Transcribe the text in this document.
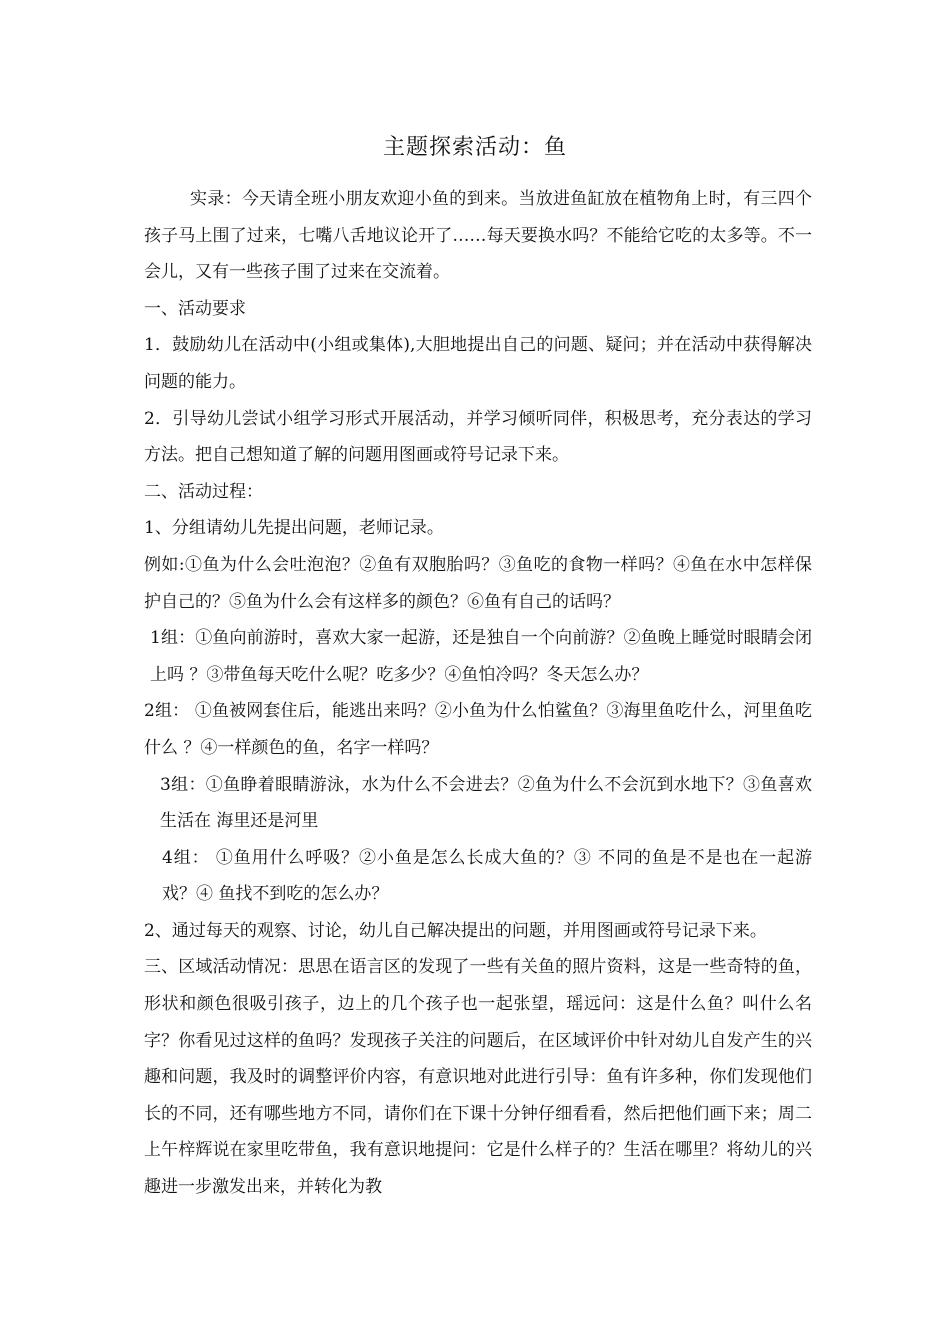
主题探索活动：鱼

实录：今天请全班小朋友欢迎小鱼的到来。当放进鱼缸放在植物角上时，有三四个孩子马上围了过来，七嘴八舌地议论开了……每天要换水吗？不能给它吃的太多等。不一会儿，又有一些孩子围了过来在交流着。

一、活动要求

1．鼓励幼儿在活动中(小组或集体),大胆地提出自己的问题、疑问；并在活动中获得解决问题的能力。

2．引导幼儿尝试小组学习形式开展活动，并学习倾听同伴，积极思考，充分表达的学习方法。把自己想知道了解的问题用图画或符号记录下来。

二、活动过程：

1、分组请幼儿先提出问题，老师记录。

例如:①鱼为什么会吐泡泡？②鱼有双胞胎吗？③鱼吃的食物一样吗？④鱼在水中怎样保护自己的？⑤鱼为什么会有这样多的颜色？⑥鱼有自己的话吗？

1组：①鱼向前游时，喜欢大家一起游，还是独自一个向前游？②鱼晚上睡觉时眼睛会闭上吗 ？③带鱼每天吃什么呢？吃多少？④鱼怕冷吗？冬天怎么办？

2组： ①鱼被网套住后，能逃出来吗？②小鱼为什么怕鲨鱼？③海里鱼吃什么，河里鱼吃什么 ？④一样颜色的鱼，名字一样吗？

3组：①鱼睁着眼睛游泳，水为什么不会进去？②鱼为什么不会沉到水地下？③鱼喜欢生活在 海里还是河里

4组： ①鱼用什么呼吸？②小鱼是怎么长成大鱼的？③ 不同的鱼是不是也在一起游戏？④ 鱼找不到吃的怎么办？

2、通过每天的观察、讨论，幼儿自己解决提出的问题，并用图画或符号记录下来。

三、区域活动情况：思思在语言区的发现了一些有关鱼的照片资料，这是一些奇特的鱼，形状和颜色很吸引孩子，边上的几个孩子也一起张望，瑶远问：这是什么鱼？叫什么名字？你看见过这样的鱼吗？发现孩子关注的问题后，在区域评价中针对幼儿自发产生的兴趣和问题，我及时的调整评价内容，有意识地对此进行引导：鱼有许多种，你们发现他们长的不同，还有哪些地方不同，请你们在下课十分钟仔细看看，然后把他们画下来；周二上午梓辉说在家里吃带鱼，我有意识地提问：它是什么样子的？生活在哪里？将幼儿的兴趣进一步激发出来，并转化为教
